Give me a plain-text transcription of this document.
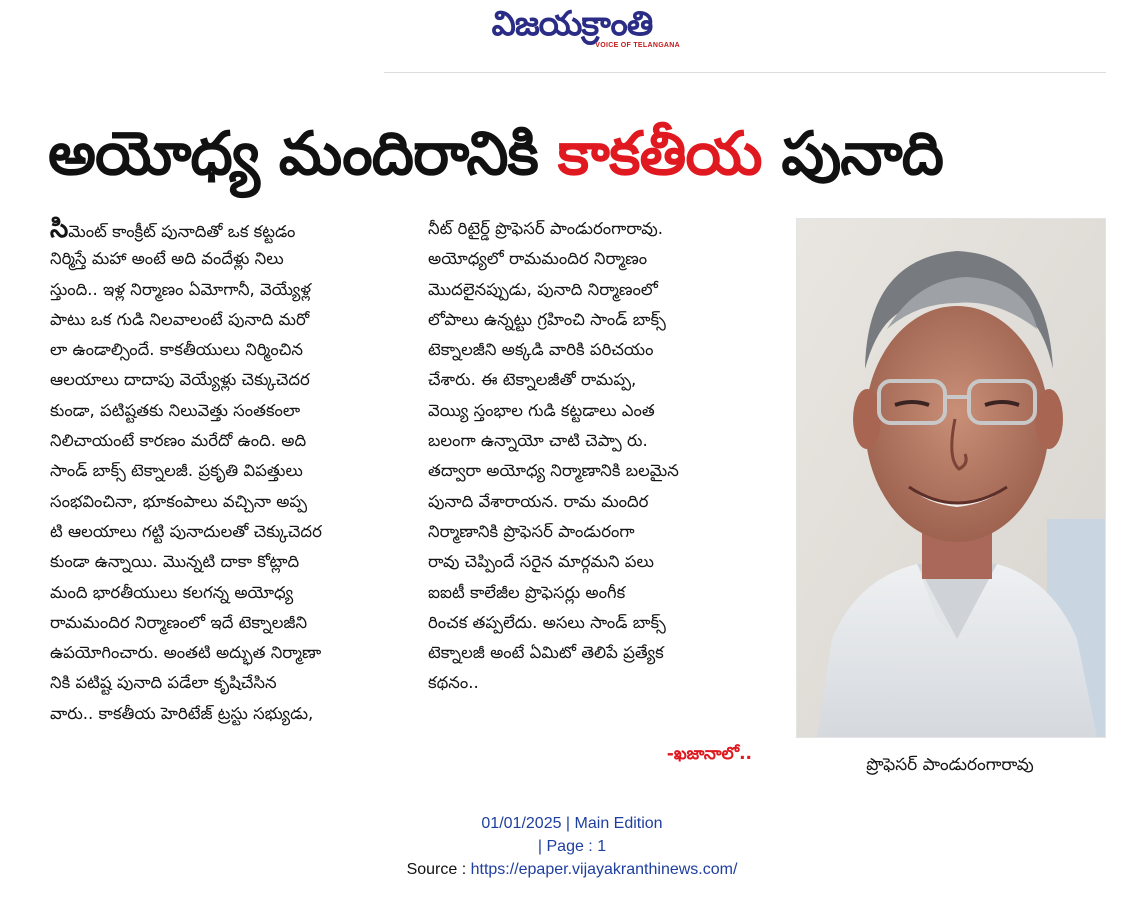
విజయక్రాంతి
VOICE OF TELANGANA
అయోధ్య మందిరానికి కాకతీయ పునాది
సిమెంట్ కాంక్రీట్ పునాదితో ఒక కట్టడం
నిర్మిస్తే మహా అంటే అది వందేళ్లు నిలు
స్తుంది.. ఇళ్ల నిర్మాణం ఏమోగానీ, వెయ్యేళ్ల
పాటు ఒక గుడి నిలవాలంటే పునాది మరో
లా ఉండాల్సిందే. కాకతీయులు నిర్మించిన
ఆలయాలు దాదాపు వెయ్యేళ్లు చెక్కుచెదర
కుండా, పటిష్టతకు నిలువెత్తు సంతకంలా
నిలిచాయంటే కారణం మరేదో ఉంది. అది
సాండ్ బాక్స్ టెక్నాలజీ. ప్రకృతి విపత్తులు
సంభవించినా, భూకంపాలు వచ్చినా అప్ప
టి ఆలయాలు గట్టి పునాదులతో చెక్కుచెదర
కుండా ఉన్నాయి. మొన్నటి దాకా కోట్లాది
మంది భారతీయులు కలగన్న అయోధ్య
రామమందిర నిర్మాణంలో ఇదే టెక్నాలజీని
ఉపయోగించారు. అంతటి అద్భుత నిర్మాణా
నికి పటిష్ట పునాది పడేలా కృషిచేసిన
వారు.. కాకతీయ హెరిటేజ్ ట్రస్టు సభ్యుడు,
నీట్ రిటైర్డ్ ప్రొఫెసర్ పాండురంగారావు.
అయోధ్యలో రామమందిర నిర్మాణం
మొదలైనప్పుడు, పునాది నిర్మాణంలో
లోపాలు ఉన్నట్టు గ్రహించి సాండ్ బాక్స్
టెక్నాలజీని అక్కడి వారికి పరిచయం
చేశారు. ఈ టెక్నాలజీతో రామప్ప,
వెయ్యి స్తంభాల గుడి కట్టడాలు ఎంత
బలంగా ఉన్నాయో చాటి చెప్పా రు.
తద్వారా అయోధ్య నిర్మాణానికి బలమైన
పునాది వేశారాయన. రామ మందిర
నిర్మాణానికి ప్రొఫెసర్ పాండురంగా
రావు చెప్పిందే సరైన మార్గమని పలు
ఐఐటీ కాలేజీల ప్రొఫెసర్లు అంగీక
రించక తప్పలేదు. అసలు సాండ్ బాక్స్
టెక్నాలజీ అంటే ఏమిటో తెలిపే ప్రత్యేక
కథనం..
-ఖజానాలో..
ప్రొఫెసర్ పాండురంగారావు
01/01/2025 | Main Edition
| Page : 1
Source : https://epaper.vijayakranthinews.com/
